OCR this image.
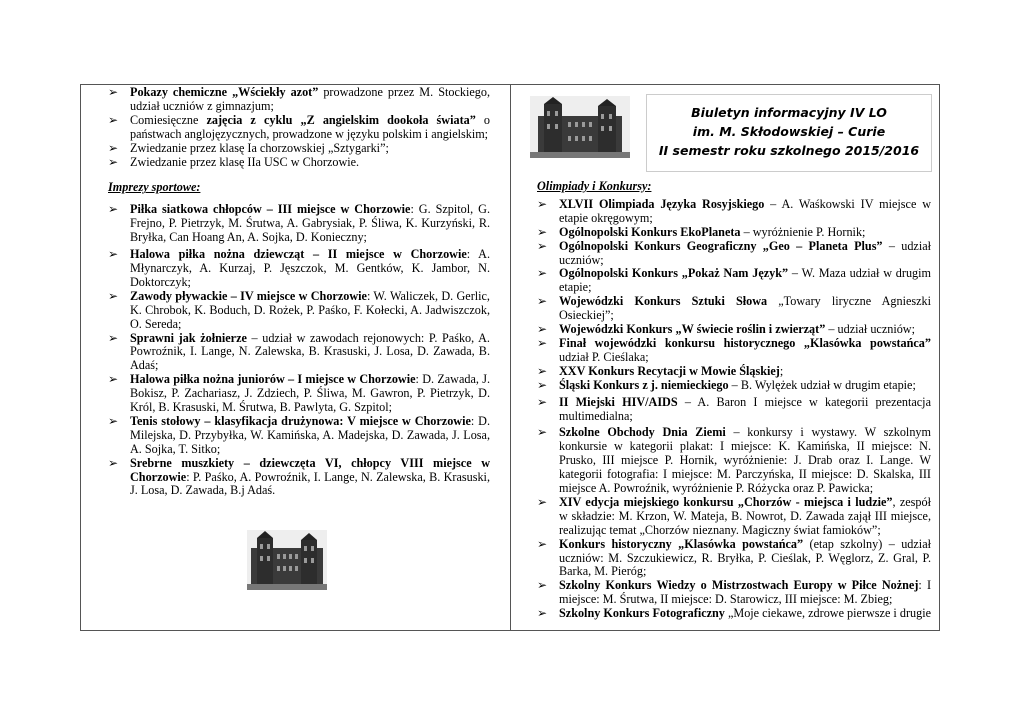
➢
Pokazy chemiczne „Wściekły azot” prowadzone przez M. Stockiego, udział uczniów z gimnazjum;

➢
Comiesięczne zajęcia z cyklu „Z angielskim dookoła świata” o państwach anglojęzycznych, prowadzone w języku polskim i angielskim;

➢
Zwiedzanie przez klasę Ia chorzowskiej „Sztygarki”;

➢
Zwiedzanie przez klasę IIa USC w Chorzowie.

Imprezy sportowe:

➢
Piłka siatkowa chłopców – III miejsce w Chorzowie: G. Szpitol, G. Frejno, P. Pietrzyk, M. Śrutwa, A. Gabrysiak, P. Śliwa, K. Kurzyński, R. Bryłka, Can Hoang An, A. Sojka, D. Konieczny;

➢
Halowa piłka nożna dziewcząt – II miejsce w Chorzowie: A. Młynarczyk, A. Kurzaj, P. Jęszczok, M. Gentków, K. Jambor, N. Doktorczyk;

➢
Zawody pływackie – IV miejsce w Chorzowie: W. Waliczek, D. Gerlic, K. Chrobok, K. Boduch, D. Rożek, P. Paśko, F. Kołecki, A. Jadwiszczok, O. Sereda;

➢
Sprawni jak żołnierze – udział w zawodach rejonowych: P. Paśko, A. Powroźnik, I. Lange, N. Zalewska, B. Krasuski, J. Losa, D. Zawada, B. Adaś;

➢
Halowa piłka nożna juniorów – I miejsce w Chorzowie: D. Zawada, J. Bokisz, P. Zachariasz, J. Zdziech, P. Śliwa, M. Gawron, P. Pietrzyk, D. Król, B. Krasuski, M. Śrutwa, B. Pawlyta, G. Szpitol;

➢
Tenis stołowy – klasyfikacja drużynowa: V miejsce w Chorzowie: D. Milejska, D. Przybyłka, W. Kamińska, A. Madejska, D. Zawada, J. Losa, A. Sojka, T. Sitko;

➢
Srebrne muszkiety – dziewczęta VI, chłopcy VIII miejsce w Chorzowie: P. Paśko, A. Powroźnik, I. Lange, N. Zalewska, B. Krasuski, J. Losa, D. Zawada, B.j Adaś.

Biuletyn informacyjny IV LO
im. M. Skłodowskiej – Curie
II semestr roku szkolnego 2015/2016
Olimpiady i Konkursy:

➢
XLVII Olimpiada Języka Rosyjskiego – A. Waśkowski IV miejsce w etapie okręgowym;

➢
Ogólnopolski Konkurs EkoPlaneta – wyróżnienie P. Hornik;

➢
Ogólnopolski Konkurs Geograficzny „Geo – Planeta Plus” – udział uczniów;

➢
Ogólnopolski Konkurs „Pokaż Nam Język” – W. Maza udział w drugim etapie;

➢
Wojewódzki Konkurs Sztuki Słowa „Towary liryczne Agnieszki Osieckiej”;

➢
Wojewódzki Konkurs „W świecie roślin i zwierząt” – udział uczniów;

➢
Finał wojewódzki konkursu historycznego „Klasówka powstańca” udział P. Cieślaka;

➢
XXV Konkurs Recytacji w Mowie Śląskiej;

➢
Śląski Konkurs z j. niemieckiego – B. Wylężek udział w drugim etapie;

➢
II Miejski HIV/AIDS – A. Baron I miejsce w kategorii prezentacja multimedialna;

➢
Szkolne Obchody Dnia Ziemi – konkursy i wystawy. W szkolnym konkursie w kategorii plakat: I miejsce: K. Kamińska, II miejsce: N. Prusko, III miejsce P. Hornik, wyróżnienie: J. Drab oraz I. Lange. W kategorii fotografia: I miejsce: M. Parczyńska, II miejsce: D. Skalska, III miejsce A. Powroźnik, wyróżnienie P. Różycka oraz P. Pawicka;

➢
XIV edycja miejskiego konkursu „Chorzów - miejsca i ludzie”, zespół w składzie: M. Krzon, W. Mateja, B. Nowrot, D. Zawada zajął III miejsce, realizując temat „Chorzów nieznany. Magiczny świat famioków”;

➢
Konkurs historyczny „Klasówka powstańca” (etap szkolny) – udział uczniów: M. Szczukiewicz, R. Bryłka, P. Cieślak, P. Węglorz, Z. Gral, P. Barka, M. Pieróg;

➢
Szkolny Konkurs Wiedzy o Mistrzostwach Europy w Piłce Nożnej: I miejsce: M. Śrutwa, II miejsce: D. Starowicz, III miejsce: M. Zbieg;

➢
Szkolny Konkurs Fotograficzny „Moje ciekawe, zdrowe pierwsze i drugie
